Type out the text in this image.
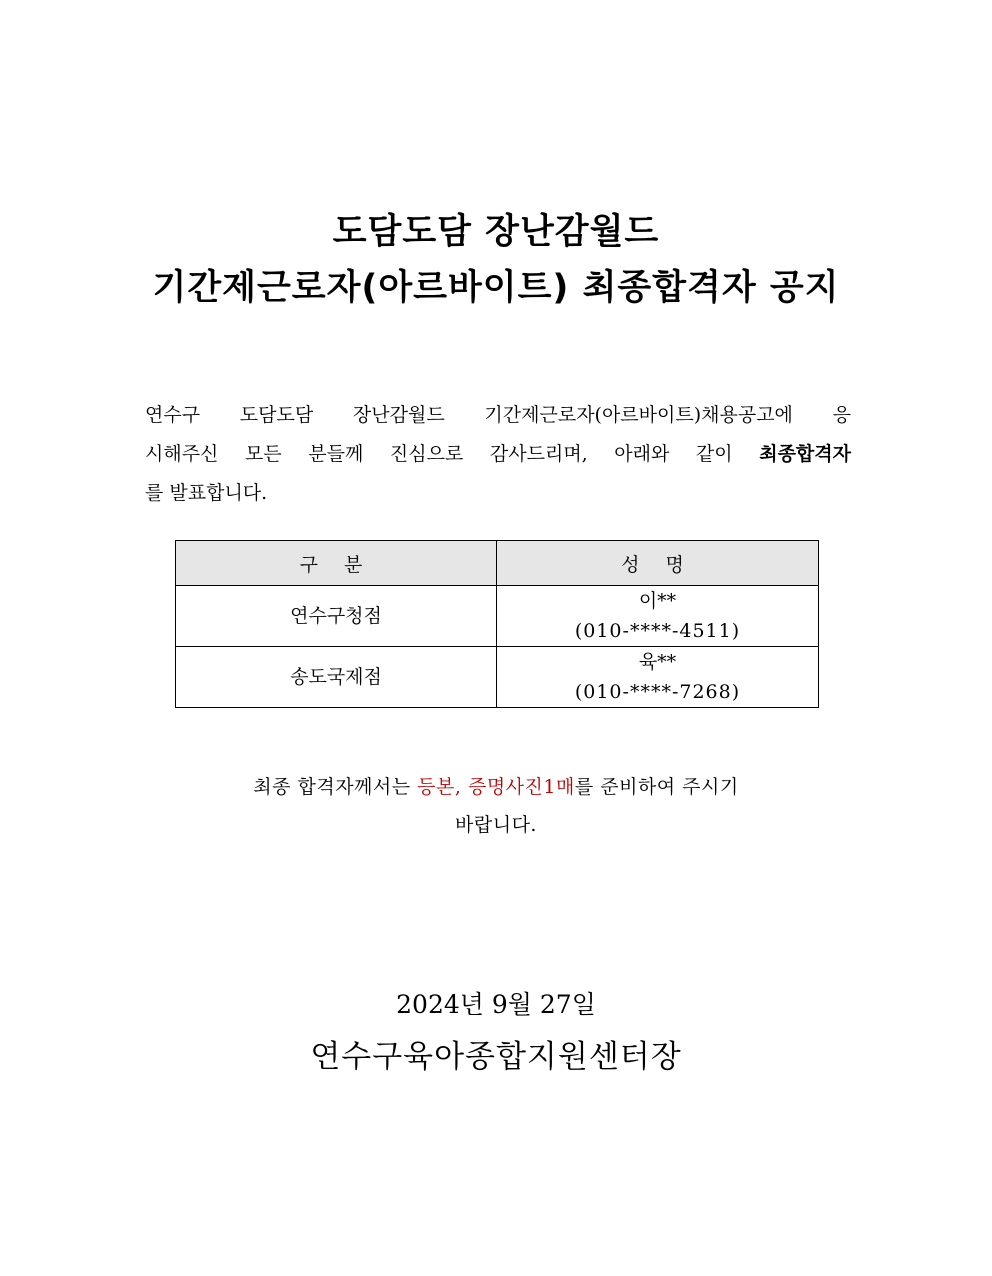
도담도담 장난감월드
기간제근로자(아르바이트) 최종합격자 공지
연수구 도담도담 장난감월드 기간제근로자(아르바이트)채용공고에 응
시해주신 모든 분들께 진심으로 감사드리며, 아래와 같이 최종합격자
를 발표합니다.
구 분	성 명
연수구청점	이**
(010-****-4511)

송도국제점	육**
(010-****-7268)
최종 합격자께서는 등본, 증명사진1매를 준비하여 주시기
바랍니다.
2024년 9월 27일
연수구육아종합지원센터장
